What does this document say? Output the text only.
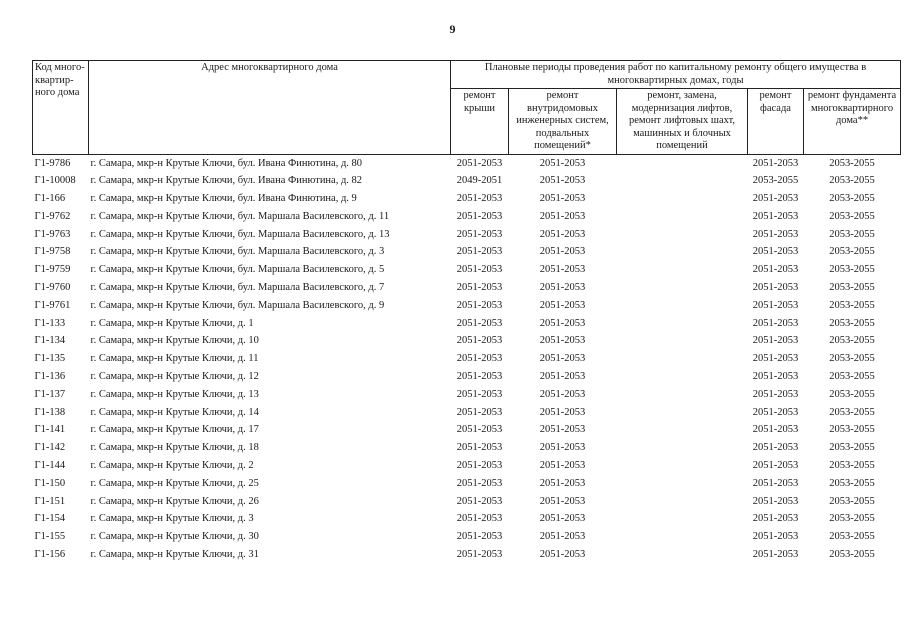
9
Код много-квартир-ного дома	Адрес многоквартирного дома	Плановые периоды проведения работ по капитальному ремонту общего имущества в многоквартирных домах, годы				
		ремонт крыши	ремонт внутридомовых инженерных систем, подвальных помещений*	ремонт, замена, модернизация лифтов, ремонт лифтовых шахт, машинных и блочных помещений	ремонт фасада	ремонт фундамента многоквартирного дома**
Г1-9786	г. Самара, мкр-н Крутые Ключи, бул. Ивана Финютина, д. 80	2051-2053	2051-2053		2051-2053	2053-2055
Г1-10008	г. Самара, мкр-н Крутые Ключи, бул. Ивана Финютина, д. 82	2049-2051	2051-2053		2053-2055	2053-2055
Г1-166	г. Самара, мкр-н Крутые Ключи, бул. Ивана Финютина, д. 9	2051-2053	2051-2053		2051-2053	2053-2055
Г1-9762	г. Самара, мкр-н Крутые Ключи, бул. Маршала Василевского, д. 11	2051-2053	2051-2053		2051-2053	2053-2055
Г1-9763	г. Самара, мкр-н Крутые Ключи, бул. Маршала Василевского, д. 13	2051-2053	2051-2053		2051-2053	2053-2055
Г1-9758	г. Самара, мкр-н Крутые Ключи, бул. Маршала Василевского, д. 3	2051-2053	2051-2053		2051-2053	2053-2055
Г1-9759	г. Самара, мкр-н Крутые Ключи, бул. Маршала Василевского, д. 5	2051-2053	2051-2053		2051-2053	2053-2055
Г1-9760	г. Самара, мкр-н Крутые Ключи, бул. Маршала Василевского, д. 7	2051-2053	2051-2053		2051-2053	2053-2055
Г1-9761	г. Самара, мкр-н Крутые Ключи, бул. Маршала Василевского, д. 9	2051-2053	2051-2053		2051-2053	2053-2055
Г1-133	г. Самара, мкр-н Крутые Ключи, д. 1	2051-2053	2051-2053		2051-2053	2053-2055
Г1-134	г. Самара, мкр-н Крутые Ключи, д. 10	2051-2053	2051-2053		2051-2053	2053-2055
Г1-135	г. Самара, мкр-н Крутые Ключи, д. 11	2051-2053	2051-2053		2051-2053	2053-2055
Г1-136	г. Самара, мкр-н Крутые Ключи, д. 12	2051-2053	2051-2053		2051-2053	2053-2055
Г1-137	г. Самара, мкр-н Крутые Ключи, д. 13	2051-2053	2051-2053		2051-2053	2053-2055
Г1-138	г. Самара, мкр-н Крутые Ключи, д. 14	2051-2053	2051-2053		2051-2053	2053-2055
Г1-141	г. Самара, мкр-н Крутые Ключи, д. 17	2051-2053	2051-2053		2051-2053	2053-2055
Г1-142	г. Самара, мкр-н Крутые Ключи, д. 18	2051-2053	2051-2053		2051-2053	2053-2055
Г1-144	г. Самара, мкр-н Крутые Ключи, д. 2	2051-2053	2051-2053		2051-2053	2053-2055
Г1-150	г. Самара, мкр-н Крутые Ключи, д. 25	2051-2053	2051-2053		2051-2053	2053-2055
Г1-151	г. Самара, мкр-н Крутые Ключи, д. 26	2051-2053	2051-2053		2051-2053	2053-2055
Г1-154	г. Самара, мкр-н Крутые Ключи, д. 3	2051-2053	2051-2053		2051-2053	2053-2055
Г1-155	г. Самара, мкр-н Крутые Ключи, д. 30	2051-2053	2051-2053		2051-2053	2053-2055
Г1-156	г. Самара, мкр-н Крутые Ключи, д. 31	2051-2053	2051-2053		2051-2053	2053-2055
